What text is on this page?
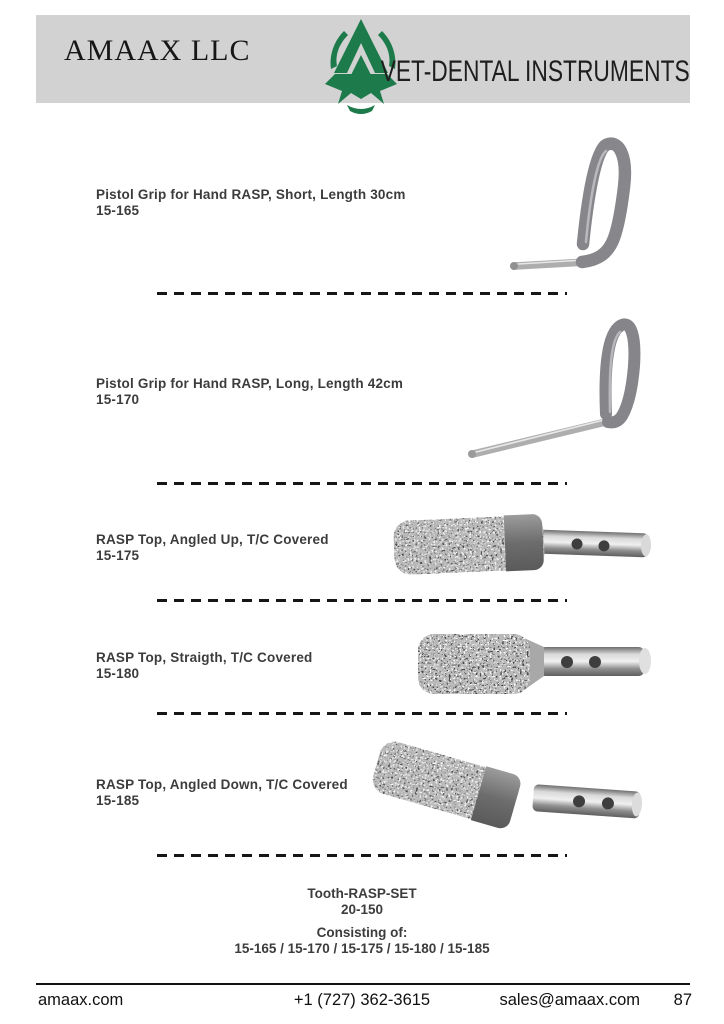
AMAAX LLC
VET-DENTAL INSTRUMENTS
Pistol Grip for Hand RASP, Short, Length 30cm
15-165
Pistol Grip for Hand RASP, Long, Length 42cm
15-170
RASP Top, Angled Up, T/C Covered
15-175
RASP Top, Straigth, T/C Covered
15-180
RASP Top, Angled Down, T/C Covered
15-185
Tooth-RASP-SET
20-150
Consisting of:
15-165 / 15-170 / 15-175 / 15-180 / 15-185
amaax.com	+1 (727) 362-3615	sales@amaax.com 87
